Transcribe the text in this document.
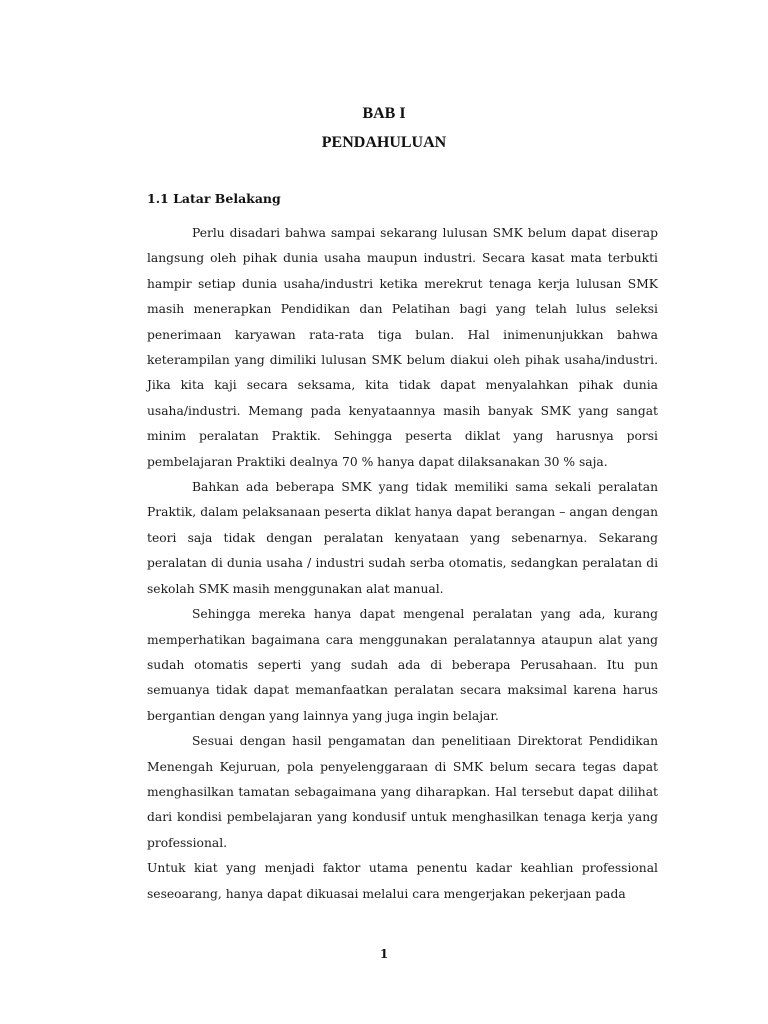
BAB I
PENDAHULUAN
1.1 Latar Belakang

Perlu disadari bahwa sampai sekarang lulusan SMK belum dapat diserap langsung oleh pihak dunia usaha maupun industri. Secara kasat mata terbukti hampir setiap dunia usaha/industri ketika merekrut tenaga kerja lulusan SMK masih menerapkan Pendidikan dan Pelatihan bagi yang telah lulus seleksi penerimaan karyawan rata-rata tiga bulan. Hal inimenunjukkan bahwa keterampilan yang dimiliki lulusan SMK belum diakui oleh pihak usaha/industri. Jika kita kaji secara seksama, kita tidak dapat menyalahkan pihak dunia usaha/industri. Memang pada kenyataannya masih banyak SMK yang sangat minim peralatan Praktik. Sehingga peserta diklat yang harusnya porsi pembelajaran Praktiki dealnya 70 % hanya dapat dilaksanakan 30 % saja.

Bahkan ada beberapa SMK yang tidak memiliki sama sekali peralatan Praktik, dalam pelaksanaan peserta diklat hanya dapat berangan – angan dengan teori saja tidak dengan peralatan kenyataan yang sebenarnya. Sekarang peralatan di dunia usaha / industri sudah serba otomatis, sedangkan peralatan di sekolah SMK masih menggunakan alat manual.

Sehingga mereka hanya dapat mengenal peralatan yang ada, kurang memperhatikan bagaimana cara menggunakan peralatannya ataupun alat yang sudah otomatis seperti yang sudah ada di beberapa Perusahaan. Itu pun semuanya tidak dapat memanfaatkan peralatan secara maksimal karena harus bergantian dengan yang lainnya yang juga ingin belajar.

Sesuai dengan hasil pengamatan dan penelitiaan Direktorat Pendidikan Menengah Kejuruan, pola penyelenggaraan di SMK belum secara tegas dapat menghasilkan tamatan sebagaimana yang diharapkan. Hal tersebut dapat dilihat dari kondisi pembelajaran yang kondusif untuk menghasilkan tenaga kerja yang professional.

Untuk kiat yang menjadi faktor utama penentu kadar keahlian professional seseoarang, hanya dapat dikuasai melalui cara mengerjakan pekerjaan pada

1
